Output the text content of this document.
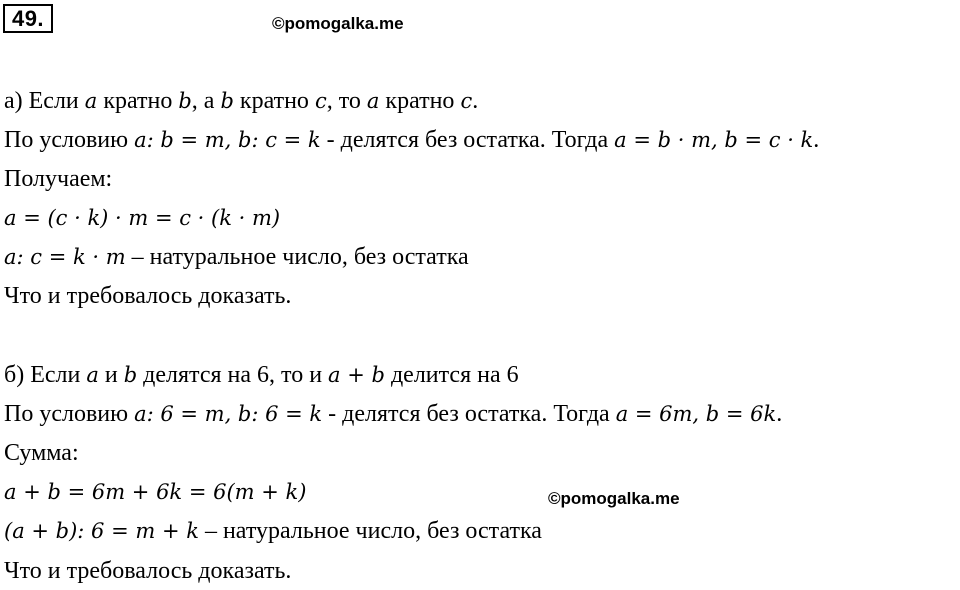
49.	©pomogalka.me
а) Если a кратно b, а b кратно c, то a кратно c.
По условию a: b = m, b: c = k - делятся без остатка. Тогда a = b · m, b = c · k.
Получаем:
a = (c · k) · m = c · (k · m)
a: c = k · m – натуральное число, без остатка
Что и требовалось доказать.
б) Если a и b делятся на 6, то и a + b делится на 6
По условию a: 6 = m, b: 6 = k - делятся без остатка. Тогда a = 6m, b = 6k.
Сумма:
a + b = 6m + 6k = 6(m + k)	©pomogalka.me
(a + b): 6 = m + k – натуральное число, без остатка
Что и требовалось доказать.
